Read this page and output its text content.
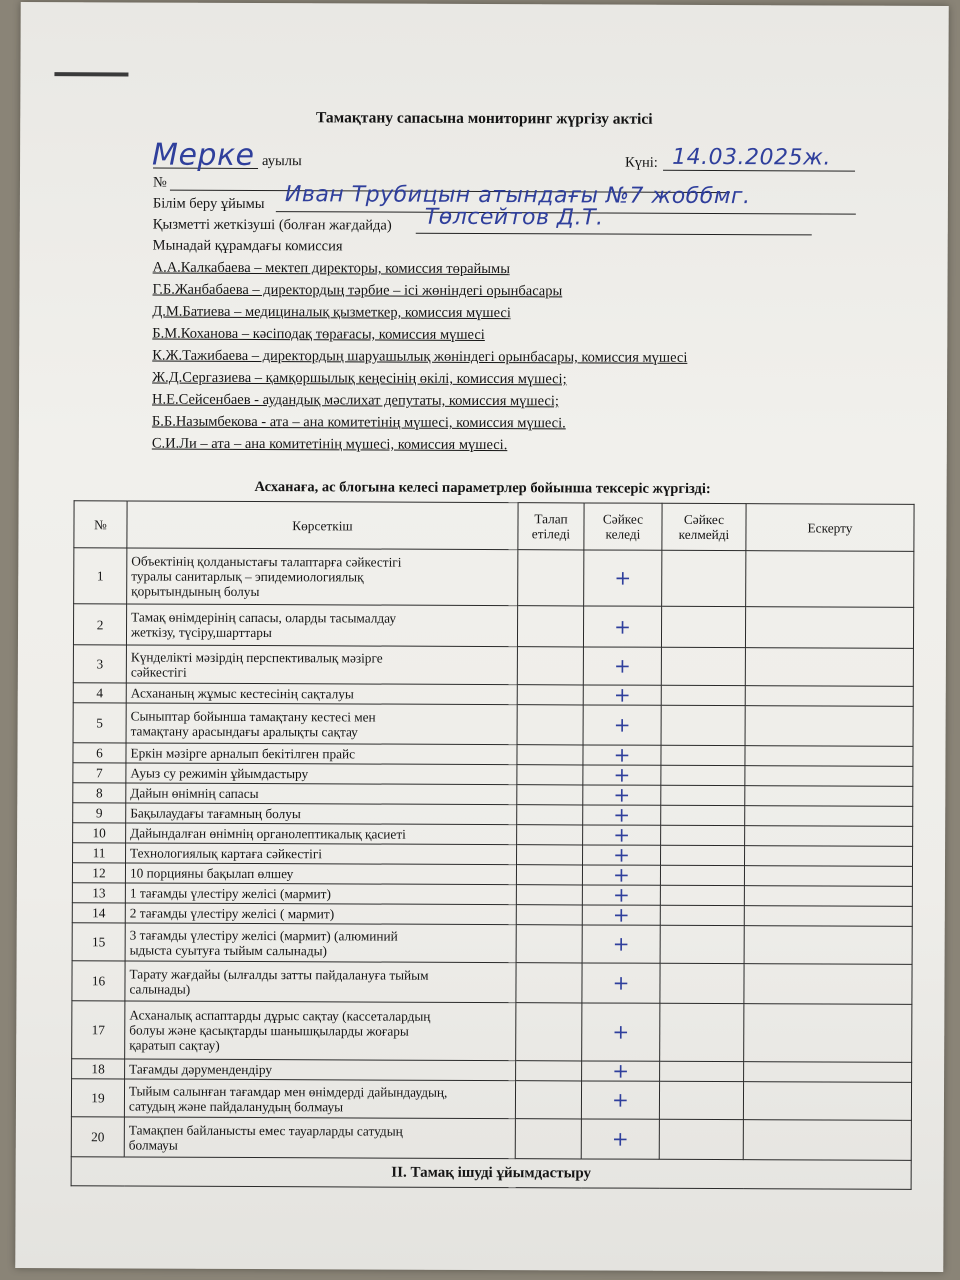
Тамақтану сапасына мониторинг жүргізу актісі
Мерке ауылы	Күні: 14.03.2025ж.
№
Білім беру ұйымы Иван Трубицын атындағы №7 жоббмг.
Қызметті жеткізуші (болған жағдайда) Төлсейтов Д.Т.
Мынадай құрамдағы комиссия
А.А.Калкабаева – мектеп директоры, комиссия төрайымы
Г.Б.Жанбабаева – директордың тәрбие – ісі жөніндегі орынбасары
Д.М.Батиева – медициналық қызметкер, комиссия мүшесі
Б.М.Коханова – кәсіподақ төрағасы, комиссия мүшесі
К.Ж.Тажибаева – директордың шаруашылық жөніндегі орынбасары, комиссия мүшесі
Ж.Д.Сергазиева – қамқоршылық кеңесінің өкілі, комиссия мүшесі;
Н.Е.Сейсенбаев - аудандық мәслихат депутаты, комиссия мүшесі;
Б.Б.Назымбекова - ата – ана комитетінің мүшесі, комиссия мүшесі.
С.И.Ли – ата – ана комитетінің мүшесі, комиссия мүшесі.
Асханаға, ас блогына келесі параметрлер бойынша тексеріс жүргізді:
№	Көрсеткіш	Талап етіледі	Сәйкес келеді	Сәйкес келмейді	Ескерту
1	Объектінің қолданыстағы талаптарға сәйкестігі
туралы санитарлық – эпидемиологиялық
қорытындының болуы		+		
2	Тамақ өнімдерінің сапасы, оларды тасымалдау
жеткізу, түсіру,шарттары		+		
3	Күнделікті мәзірдің перспективалық мәзірге
сәйкестігі		+		
4	Асхананың жұмыс кестесінің сақталуы		+		
5	Сыныптар бойынша тамақтану кестесі мен
тамақтану арасындағы аралықты сақтау		+		
6	Еркін мәзірге арналып бекітілген прайс		+		
7	Ауыз су режимін ұйымдастыру		+		
8	Дайын өнімнің сапасы		+		
9	Бақылаудағы тағамның болуы		+		
10	Дайындалған өнімнің органолептикалық қасиеті		+		
11	Технологиялық картаға сәйкестігі		+		
12	10 порцияны бақылап өлшеу		+		
13	1 тағамды үлестіру желісі (мармит)		+		
14	2 тағамды үлестіру желісі ( мармит)		+		
15	3 тағамды үлестіру желісі (мармит) (алюминий
ыдыста суытуға тыйым салынады)		+		
16	Тарату жағдайы (ылғалды затты пайдалануға тыйым
салынады)		+		
17	Асханалық аспаптарды дұрыс сақтау (кассеталардың
болуы және қасықтарды шанышқыларды жоғары
қаратып сақтау)		+		
18	Тағамды дәрумендендіру		+		
19	Тыйым салынған тағамдар мен өнімдерді дайындаудың,
сатудың және пайдаланудың болмауы		+		
20	Тамақпен байланысты емес тауарларды сатудың
болмауы		+		
II. Тамақ ішуді ұйымдастыру					
